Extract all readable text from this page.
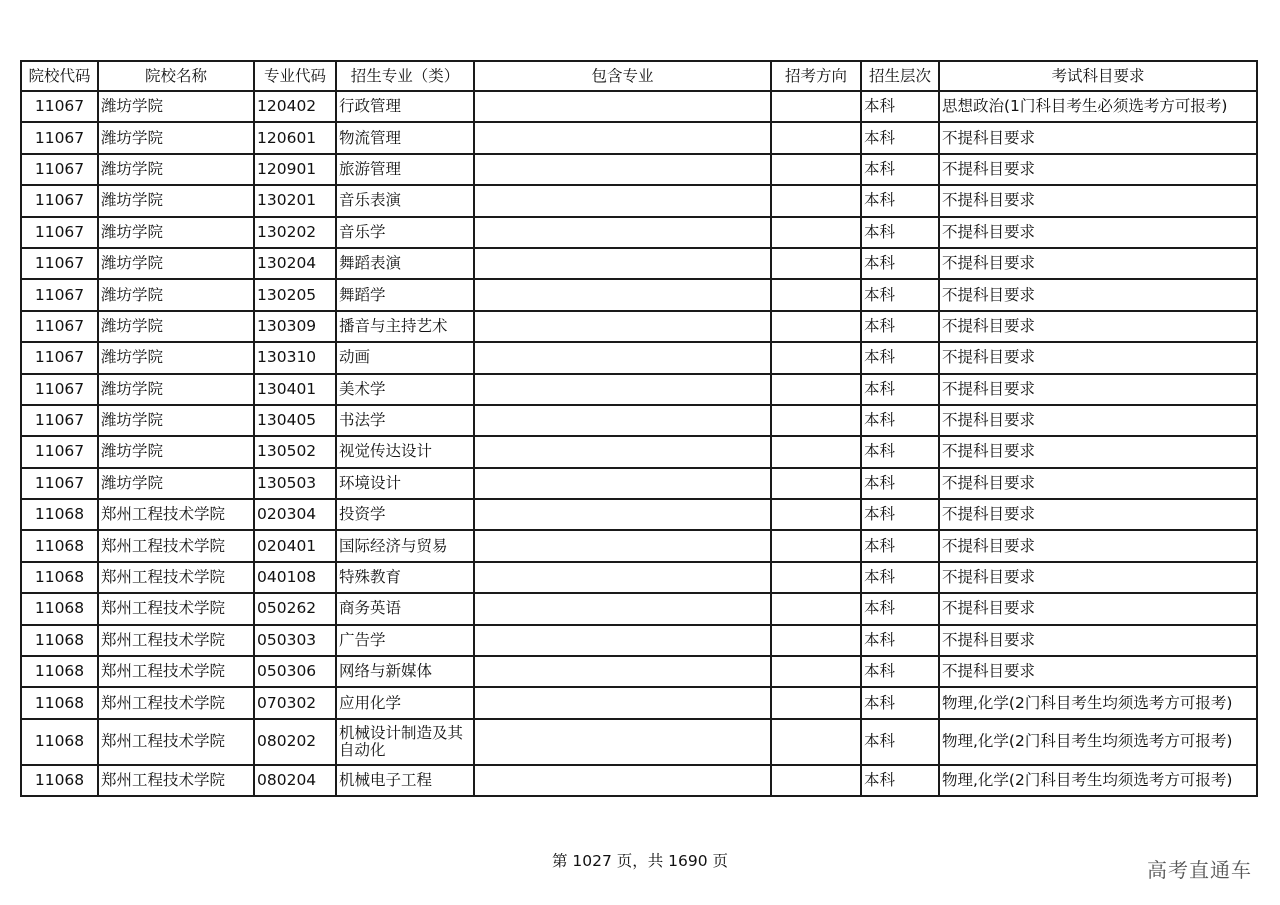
院校代码	院校名称	专业代码	招生专业（类）	包含专业	招考方向	招生层次	考试科目要求
11067	潍坊学院	120402	行政管理			本科	思想政治(1门科目考生必须选考方可报考)
11067	潍坊学院	120601	物流管理			本科	不提科目要求
11067	潍坊学院	120901	旅游管理			本科	不提科目要求
11067	潍坊学院	130201	音乐表演			本科	不提科目要求
11067	潍坊学院	130202	音乐学			本科	不提科目要求
11067	潍坊学院	130204	舞蹈表演			本科	不提科目要求
11067	潍坊学院	130205	舞蹈学			本科	不提科目要求
11067	潍坊学院	130309	播音与主持艺术			本科	不提科目要求
11067	潍坊学院	130310	动画			本科	不提科目要求
11067	潍坊学院	130401	美术学			本科	不提科目要求
11067	潍坊学院	130405	书法学			本科	不提科目要求
11067	潍坊学院	130502	视觉传达设计			本科	不提科目要求
11067	潍坊学院	130503	环境设计			本科	不提科目要求
11068	郑州工程技术学院	020304	投资学			本科	不提科目要求
11068	郑州工程技术学院	020401	国际经济与贸易			本科	不提科目要求
11068	郑州工程技术学院	040108	特殊教育			本科	不提科目要求
11068	郑州工程技术学院	050262	商务英语			本科	不提科目要求
11068	郑州工程技术学院	050303	广告学			本科	不提科目要求
11068	郑州工程技术学院	050306	网络与新媒体			本科	不提科目要求
11068	郑州工程技术学院	070302	应用化学			本科	物理,化学(2门科目考生均须选考方可报考)
11068	郑州工程技术学院	080202	机械设计制造及其自动化			本科	物理,化学(2门科目考生均须选考方可报考)
11068	郑州工程技术学院	080204	机械电子工程			本科	物理,化学(2门科目考生均须选考方可报考)
第 1027 页，共 1690 页	高考直通车
